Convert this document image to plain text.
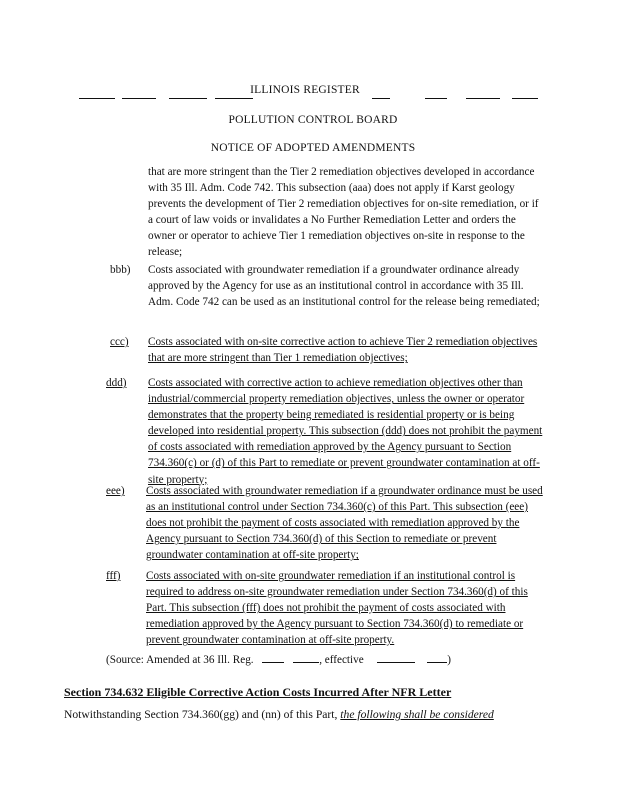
ILLINOIS REGISTER
POLLUTION CONTROL BOARD
NOTICE OF ADOPTED AMENDMENTS
that are more stringent than the Tier 2 remediation objectives developed in accordance with 35 Ill. Adm. Code 742. This subsection (aaa) does not apply if Karst geology prevents the development of Tier 2 remediation objectives for on-site remediation, or if a court of law voids or invalidates a No Further Remediation Letter and orders the owner or operator to achieve Tier 1 remediation objectives on-site in response to the release;
bbb) Costs associated with groundwater remediation if a groundwater ordinance already approved by the Agency for use as an institutional control in accordance with 35 Ill. Adm. Code 742 can be used as an institutional control for the release being remediated;
ccc) Costs associated with on-site corrective action to achieve Tier 2 remediation objectives that are more stringent than Tier 1 remediation objectives;
ddd) Costs associated with corrective action to achieve remediation objectives other than industrial/commercial property remediation objectives, unless the owner or operator demonstrates that the property being remediated is residential property or is being developed into residential property. This subsection (ddd) does not prohibit the payment of costs associated with remediation approved by the Agency pursuant to Section 734.360(c) or (d) of this Part to remediate or prevent groundwater contamination at off-site property;
eee) Costs associated with groundwater remediation if a groundwater ordinance must be used as an institutional control under Section 734.360(c) of this Part. This subsection (eee) does not prohibit the payment of costs associated with remediation approved by the Agency pursuant to Section 734.360(d) of this Section to remediate or prevent groundwater contamination at off-site property;
fff) Costs associated with on-site groundwater remediation if an institutional control is required to address on-site groundwater remediation under Section 734.360(d) of this Part. This subsection (fff) does not prohibit the payment of costs associated with remediation approved by the Agency pursuant to Section 734.360(d) to remediate or prevent groundwater contamination at off-site property.
(Source: Amended at 36 Ill. Reg.	, effective	)
Section 734.632 Eligible Corrective Action Costs Incurred After NFR Letter
Notwithstanding Section 734.360(gg) and (nn) of this Part, the following shall be considered
